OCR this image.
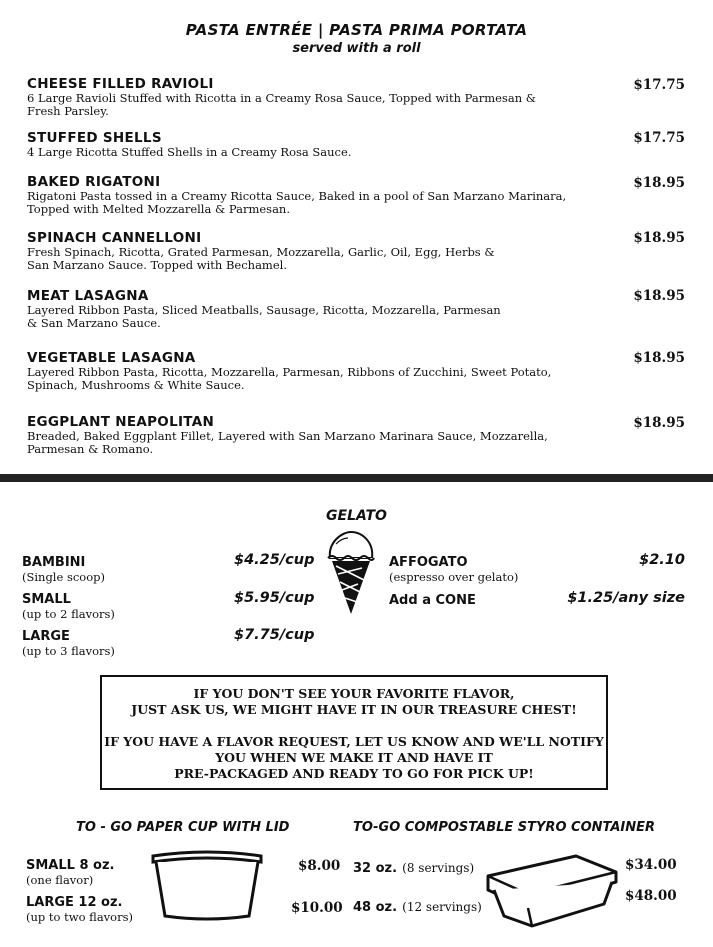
PASTA ENTRÉE | PASTA PRIMA PORTATA
served with a roll
CHEESE FILLED RAVIOLI
6 Large Ravioli Stuffed with Ricotta in a Creamy Rosa Sauce, Topped with Parmesan &
Fresh Parsley.
$17.75
STUFFED SHELLS
4 Large Ricotta Stuffed Shells in a Creamy Rosa Sauce.
$17.75
BAKED RIGATONI
Rigatoni Pasta tossed in a Creamy Ricotta Sauce, Baked in a pool of San Marzano Marinara,
Topped with Melted Mozzarella & Parmesan.
$18.95
SPINACH CANNELLONI
Fresh Spinach, Ricotta, Grated Parmesan, Mozzarella, Garlic, Oil, Egg, Herbs &
San Marzano Sauce. Topped with Bechamel.
$18.95
MEAT LASAGNA
Layered Ribbon Pasta, Sliced Meatballs, Sausage, Ricotta, Mozzarella, Parmesan
& San Marzano Sauce.
$18.95
VEGETABLE LASAGNA
Layered Ribbon Pasta, Ricotta, Mozzarella, Parmesan, Ribbons of Zucchini, Sweet Potato,
Spinach, Mushrooms & White Sauce.
$18.95
EGGPLANT NEAPOLITAN
Breaded, Baked Eggplant Fillet, Layered with San Marzano Marinara Sauce, Mozzarella,
Parmesan & Romano.
$18.95
GELATO
BAMBINI
(Single scoop)
$4.25/cup
SMALL
(up to 2 flavors)
$5.95/cup
LARGE
(up to 3 flavors)
$7.75/cup
AFFOGATO
(espresso over gelato)
$2.10
Add a CONE	$1.25/any size

IF YOU DON'T SEE YOUR FAVORITE FLAVOR,

JUST ASK US, WE MIGHT HAVE IT IN OUR TREASURE CHEST!

IF YOU HAVE A FLAVOR REQUEST, LET US KNOW AND WE'LL NOTIFY

YOU WHEN WE MAKE IT AND HAVE IT

PRE-PACKAGED AND READY TO GO FOR PICK UP!

TO - GO PAPER CUP WITH LID	TO-GO COMPOSTABLE STYRO CONTAINER
SMALL 8 oz.
(one flavor)
LARGE 12 oz.
(up to two flavors)
$8.00
$10.00
32 oz. (8 servings)
48 oz. (12 servings)
$34.00
$48.00
